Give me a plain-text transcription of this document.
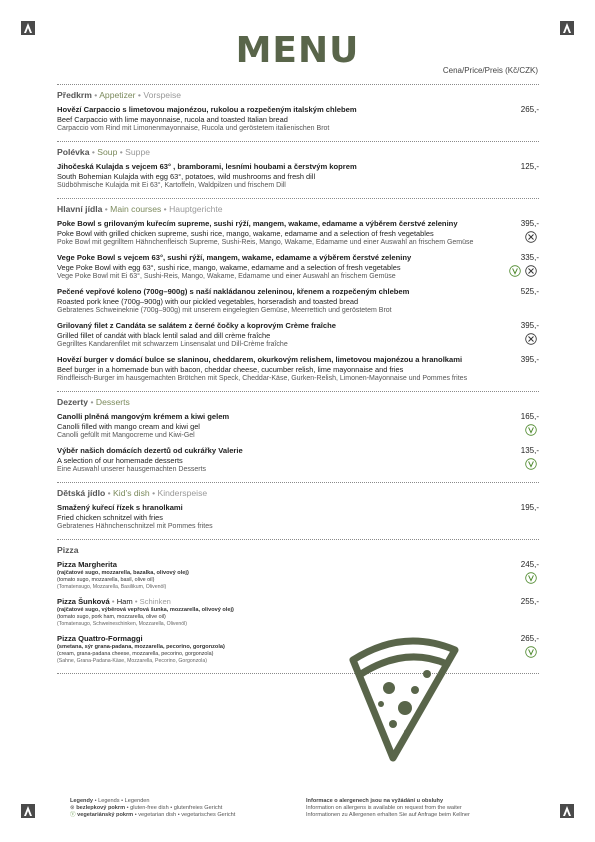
MENU	Cena/Price/Preis (Kč/CZK)
Předkrm • Appetizer • Vorspeise
Hovězí Carpaccio s limetovou majonézou, rukolou a rozpečeným italským chlebem
Beef Carpaccio with lime mayonnaise, rucola and toasted Italian bread
Carpaccio vom Rind mit Limonenmayonnaise, Rucola und geröstetem italienischen Brot
265,-
Polévka • Soup • Suppe
Jihočeská Kulajda s vejcem 63° , bramborami, lesními houbami a čerstvým koprem
South Bohemian Kulajda with egg 63°, potatoes, wild mushrooms and fresh dill
Südböhmische Kulajda mit Ei 63°, Kartoffeln, Waldpilzen und frischem Dill
125,-
Hlavní jídla • Main courses • Hauptgerichte
Poke Bowl s grilovaným kuřecím supreme, sushi rýží, mangem, wakame, edamame a výběrem čerstvé zeleniny
Poke Bowl with grilled chicken supreme, sushi rice, mango, wakame, edamame and a selection of fresh vegetables
Poke Bowl mit gegrilltem Hähnchenfleisch Supreme, Sushi-Reis, Mango, Wakame, Edamame und einer Auswahl an frischem Gemüse
395,-
Vege Poke Bowl s vejcem 63°, sushi rýží, mangem, wakame, edamame a výběrem čerstvé zeleniny
Vege Poke Bowl with egg 63°, sushi rice, mango, wakame, edamame and a selection of fresh vegetables
Vege Poke Bowl mit Ei 63°, Sushi-Reis, Mango, Wakame, Edamame und einer Auswahl an frischem Gemüse
335,-
Pečené vepřové koleno (700g–900g) s naší nakládanou zeleninou, křenem a rozpečeným chlebem
Roasted pork knee (700g–900g) with our pickled vegetables, horseradish and toasted bread
Gebratenes Schweineknie (700g–900g) mit unserem eingelegten Gemüse, Meerrettich und geröstetem Brot
525,-
Grilovaný filet z Candáta se salátem z černé čočky a koprovým Crème fraîche
Grilled fillet of candát with black lentil salad and dill crème fraîche
Gegrilltes Kandarenfilet mit schwarzem Linsensalat und Dill-Crème fraîche
395,-
Hovězí burger v domácí bulce se slaninou, cheddarem, okurkovým relishem, limetovou majonézou a hranolkami
Beef burger in a homemade bun with bacon, cheddar cheese, cucumber relish, lime mayonnaise and fries
Rindfleisch-Burger im hausgemachten Brötchen mit Speck, Cheddar-Käse, Gurken-Relish, Limonen-Mayonnaise und Pommes frites
395,-
Dezerty • Desserts
Canolli plněná mangovým krémem a kiwi gelem
Canolli filled with mango cream and kiwi gel
Canolli gefüllt mit Mangocreme und Kiwi-Gel
165,-
Výběr našich domácích dezertů od cukrářky Valerie
A selection of our homemade desserts
Eine Auswahl unserer hausgemachten Desserts
135,-
Dětská jídlo • Kid’s dish • Kinderspeise
Smažený kuřecí řízek s hranolkami
Fried chicken schnitzel with fries
Gebratenes Hähnchenschnitzel mit Pommes frites
195,-
Pizza
Pizza Margherita
(rajčatové sugo, mozzarella, bazalka, olivový olej)
(tomato sugo, mozzarella, basil, olive oil)
(Tomatensugo, Mozzarella, Basilikum, Olivenöl)
245,-
Pizza Šunková • Ham • Schinken
(rajčatové sugo, výběrová vepřová šunka, mozzarella, olivový olej)
(tomato sugo, pork ham, mozzarella, olive oil)
(Tomatensugo, Schweineschinken, Mozzarella, Olivenöl)
255,-
Pizza Quattro-Formaggi
(smetana, sýr grana-padana, mozzarella, pecorino, gorgonzola)
(cream, grana-padana cheese, mozzarella, pecorino, gorgonzola)
(Sahne, Grana-Padana-Käse, Mozzarella, Pecorino, Gorgonzola)
265,-
Legendy • Legends • Legenden
⊗ bezlepkový pokrm • gluten-free dish • glutenfreies Gericht
Ⓥ vegetariánský pokrm • vegetarian dish • vegetarisches Gericht
Informace o alergenech jsou na vyžádání u obsluhy
Information on allergens is available on request from the waiter
Informationen zu Allergenen erhalten Sie auf Anfrage beim Kellner
